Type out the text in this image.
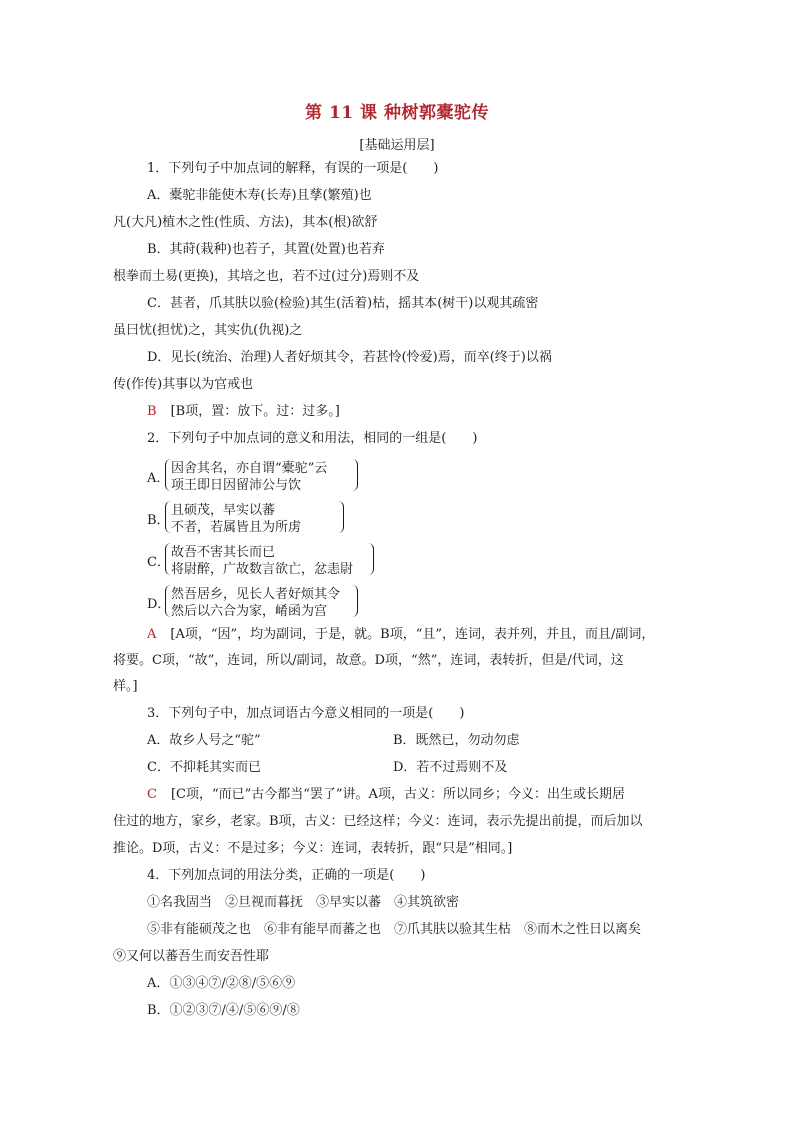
第 11 课 种树郭橐驼传
[基础运用层]
1．下列句子中加点词的解释，有误的一项是(　　)
A．橐驼非能使木寿(长寿)且孳(繁殖)也
凡(大凡)植木之性(性质、方法)，其本(根)欲舒
B．其莳(栽种)也若子，其置(处置)也若弃
根拳而土易(更换)，其培之也，若不过(过分)焉则不及
C．甚者，爪其肤以验(检验)其生(活着)枯，摇其本(树干)以观其疏密
虽曰忧(担忧)之，其实仇(仇视)之
D．见长(统治、治理)人者好烦其令，若甚怜(怜爱)焉，而卒(终于)以祸
传(作传)其事以为官戒也
B [B项，置：放下。过：过多。]
2．下列句子中加点词的意义和用法，相同的一组是(　　)
A．
因舍其名，亦自谓“橐驼”云
项王即日因留沛公与饮
B．
且硕茂，早实以蕃
不者，若属皆且为所虏
C．
故吾不害其长而已
将尉醉，广故数言欲亡，忿恚尉
D．
然吾居乡，见长人者好烦其令
然后以六合为家，崤函为宫
A [A项，“因”，均为副词，于是，就。B项，“且”，连词，表并列，并且，而且/副词，
将要。C项，“故”，连词，所以/副词，故意。D项，“然”，连词，表转折，但是/代词，这
样。]
3．下列句子中，加点词语古今意义相同的一项是(　　)
A．故乡人号之“驼”	B．既然已，勿动勿虑
C．不抑耗其实而已	D．若不过焉则不及
C [C项，“而已”古今都当“罢了”讲。A项，古义：所以同乡；今义：出生或长期居
住过的地方，家乡，老家。B项，古义：已经这样；今义：连词，表示先提出前提，而后加以
推论。D项，古义：不是过多；今义：连词，表转折，跟“只是”相同。]
4．下列加点词的用法分类，正确的一项是(　　)
①名我固当　②旦视而暮抚　③早实以蕃　④其筑欲密
⑤非有能硕茂之也　⑥非有能早而蕃之也　⑦爪其肤以验其生枯　⑧而木之性日以离矣
⑨又何以蕃吾生而安吾性耶
A．①③④⑦/②⑧/⑤⑥⑨
B．①②③⑦/④/⑤⑥⑨/⑧
